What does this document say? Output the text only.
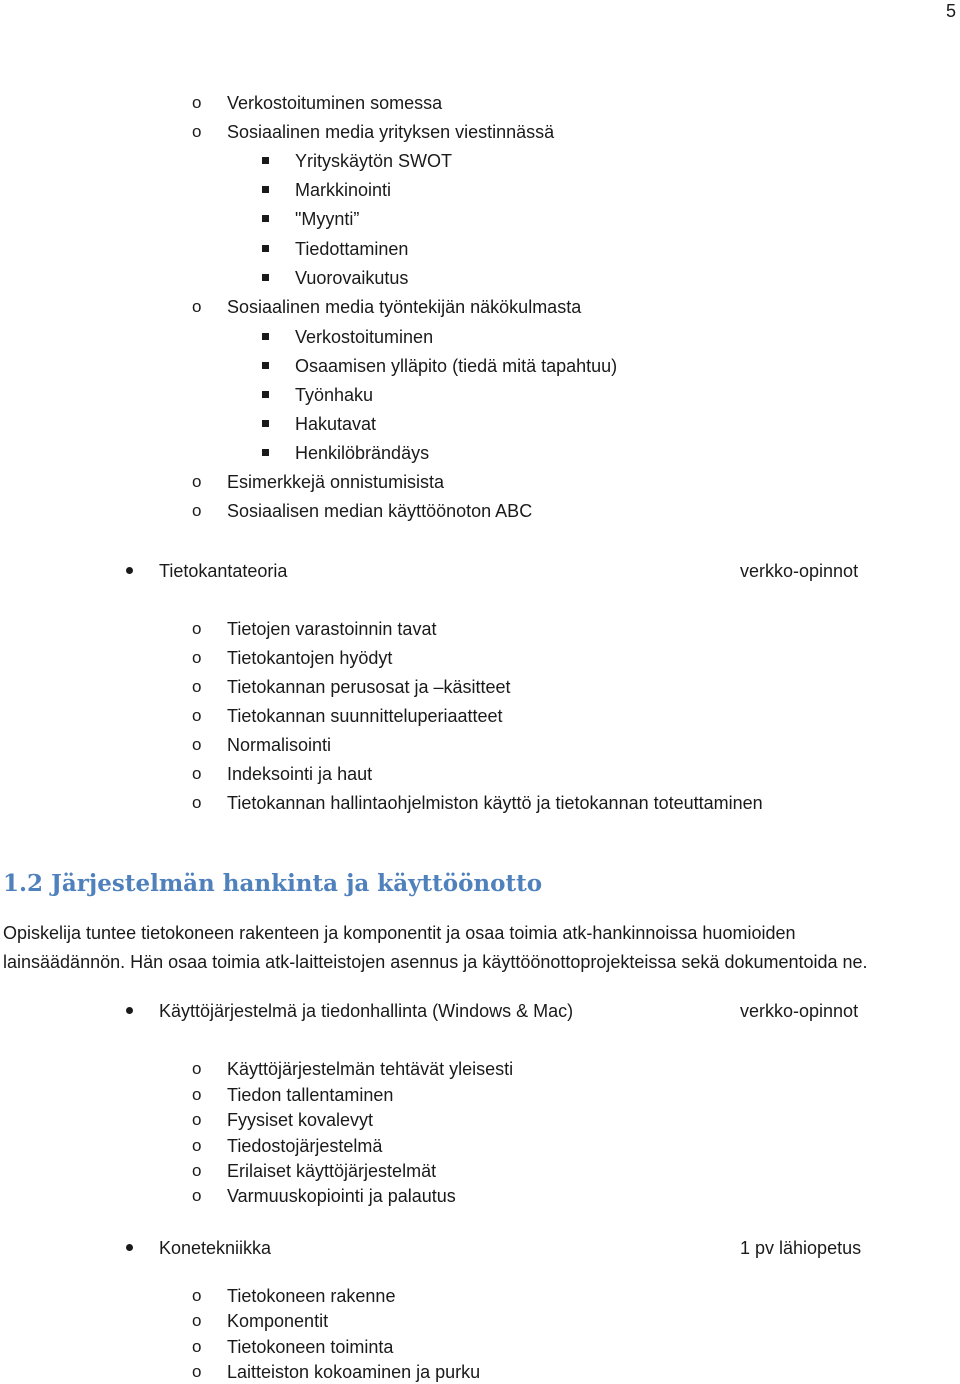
5
o Verkostoituminen somessa
o Sosiaalinen media yrityksen viestinnässä
Yrityskäytön SWOT
Markkinointi
"Myynti”
Tiedottaminen
Vuorovaikutus
o Sosiaalinen media työntekijän näkökulmasta
Verkostoituminen
Osaamisen ylläpito (tiedä mitä tapahtuu)
Työnhaku
Hakutavat
Henkilöbrändäys
o Esimerkkejä onnistumisista
o Sosiaalisen median käyttöönoton ABC
Tietokantateoria	verkko-opinnot
o Tietojen varastoinnin tavat
o Tietokantojen hyödyt
o Tietokannan perusosat ja –käsitteet
o Tietokannan suunnitteluperiaatteet
o Normalisointi
o Indeksointi ja haut
o Tietokannan hallintaohjelmiston käyttö ja tietokannan toteuttaminen
1.2 Järjestelmän hankinta ja käyttöönotto
Opiskelija tuntee tietokoneen rakenteen ja komponentit ja osaa toimia atk-hankinnoissa huomioiden
lainsäädännön. Hän osaa toimia atk-laitteistojen asennus ja käyttöönottoprojekteissa sekä dokumentoida ne.
Käyttöjärjestelmä ja tiedonhallinta (Windows & Mac)	verkko-opinnot
o Käyttöjärjestelmän tehtävät yleisesti
o Tiedon tallentaminen
o Fyysiset kovalevyt
o Tiedostojärjestelmä
o Erilaiset käyttöjärjestelmät
o Varmuuskopiointi ja palautus
Konetekniikka	1 pv lähiopetus
o Tietokoneen rakenne
o Komponentit
o Tietokoneen toiminta
o Laitteiston kokoaminen ja purku
